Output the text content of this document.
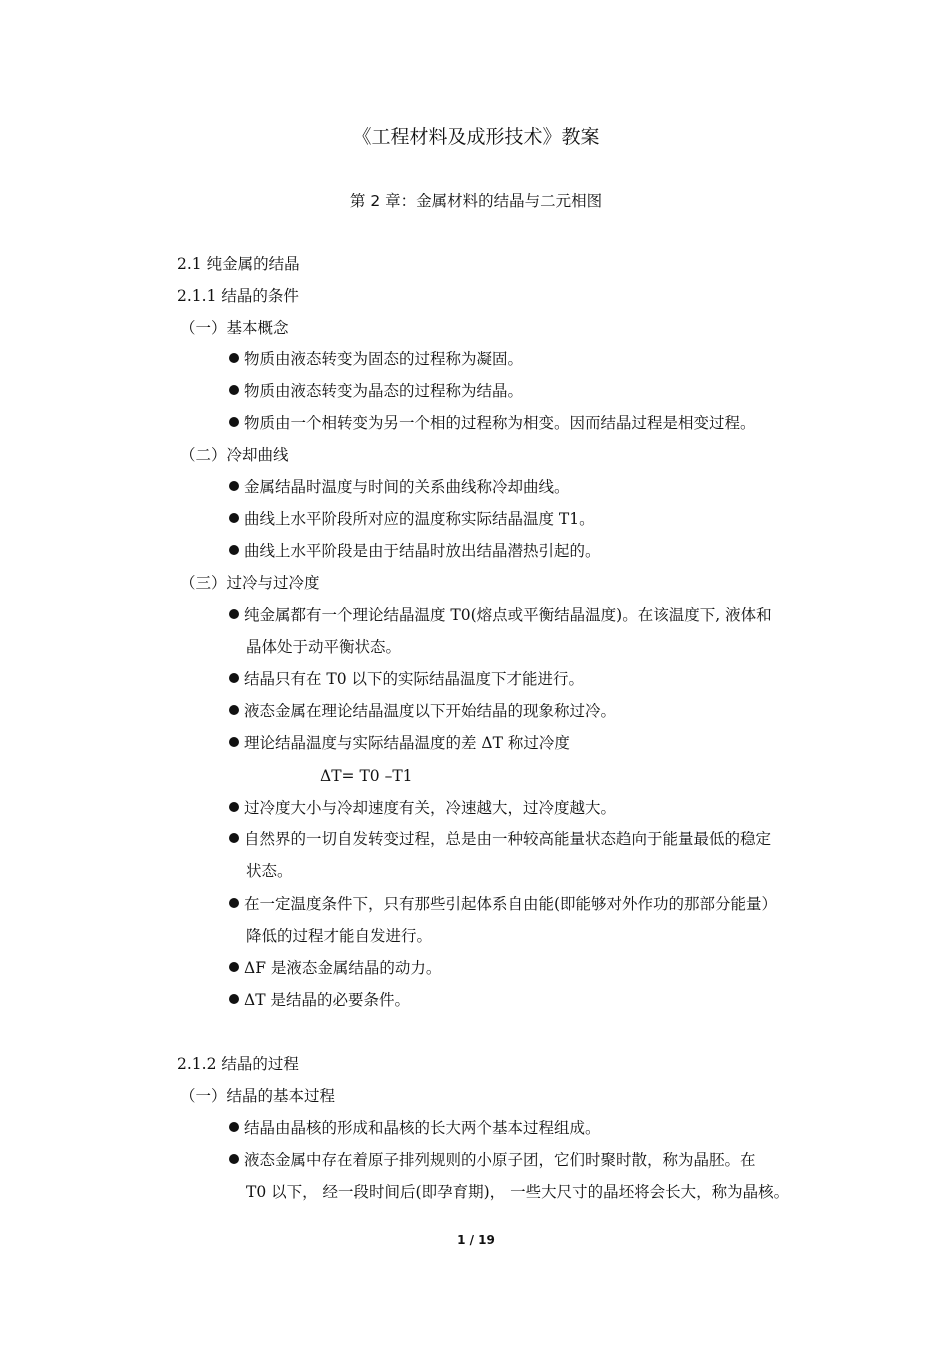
《工程材料及成形技术》教案
第 2 章：金属材料的结晶与二元相图
2.1 纯金属的结晶
2.1.1 结晶的条件
（一）基本概念
物质由液态转变为固态的过程称为凝固。
物质由液态转变为晶态的过程称为结晶。
物质由一个相转变为另一个相的过程称为相变。因而结晶过程是相变过程。
（二）冷却曲线
金属结晶时温度与时间的关系曲线称冷却曲线。
曲线上水平阶段所对应的温度称实际结晶温度 T1。
曲线上水平阶段是由于结晶时放出结晶潜热引起的。
（三）过冷与过冷度
纯金属都有一个理论结晶温度 T0(熔点或平衡结晶温度)。在该温度下, 液体和
晶体处于动平衡状态。
结晶只有在 T0 以下的实际结晶温度下才能进行。
液态金属在理论结晶温度以下开始结晶的现象称过冷。
理论结晶温度与实际结晶温度的差 ΔT 称过冷度
ΔT= T0 –T1
过冷度大小与冷却速度有关，冷速越大，过冷度越大。
自然界的一切自发转变过程，总是由一种较高能量状态趋向于能量最低的稳定
状态。
在一定温度条件下，只有那些引起体系自由能(即能够对外作功的那部分能量）
降低的过程才能自发进行。
ΔF 是液态金属结晶的动力。
ΔT 是结晶的必要条件。
2.1.2 结晶的过程
（一）结晶的基本过程
结晶由晶核的形成和晶核的长大两个基本过程组成。
液态金属中存在着原子排列规则的小原子团，它们时聚时散，称为晶胚。在
T0 以下， 经一段时间后(即孕育期)， 一些大尺寸的晶坯将会长大，称为晶核。
1 / 19
